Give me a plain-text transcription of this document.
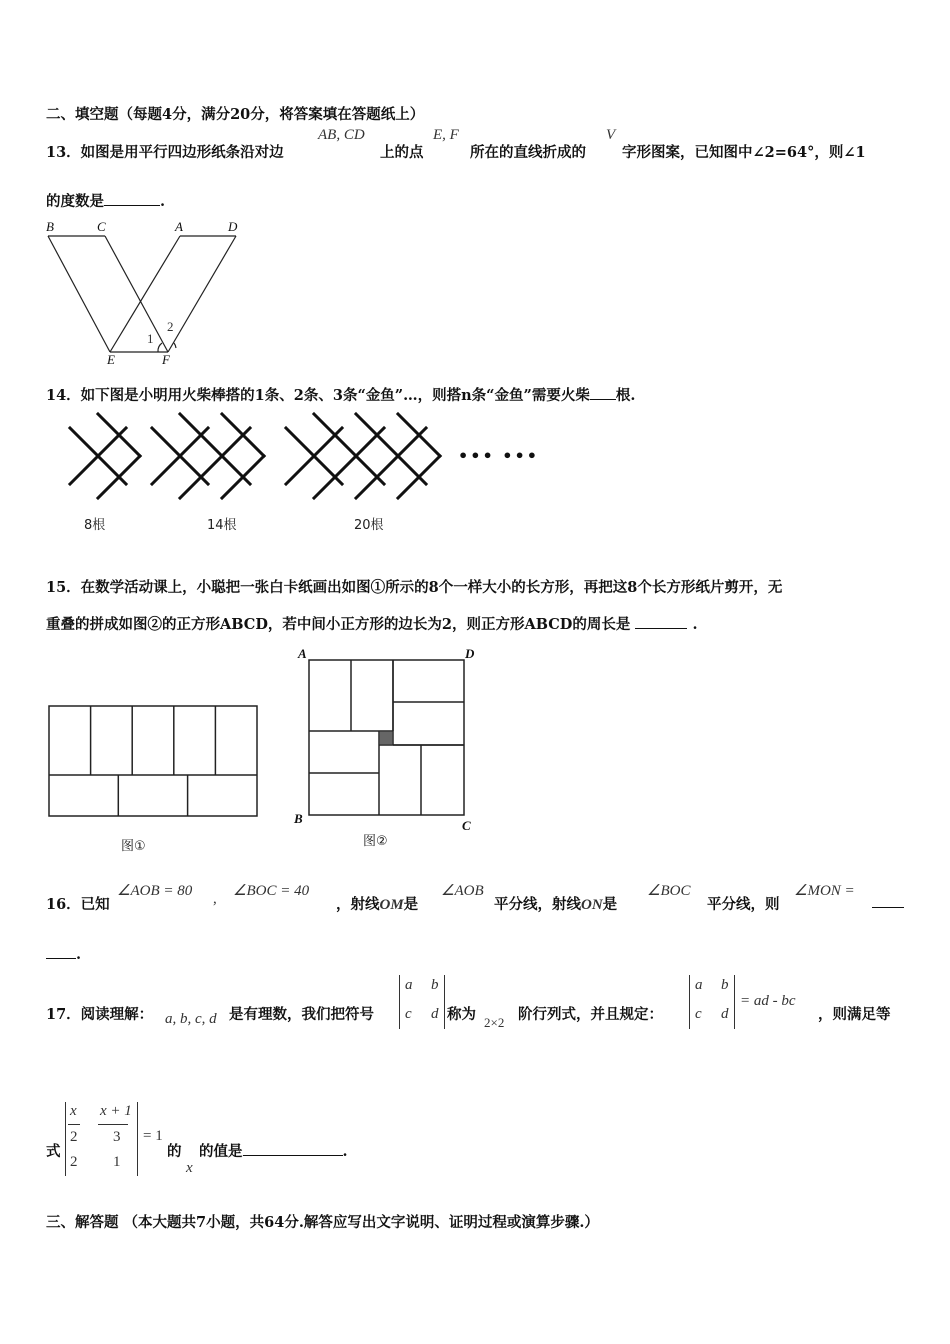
二、填空题（每题4分，满分20分，将答案填在答题纸上）
13．如图是用平行四边形纸条沿对边
AB, CD
上的点
E, F
所在的直线折成的
V
字形图案，已知图中∠2=64°，则∠1
的度数是	.
B	C	A	D
E	F
1
2
14．如下图是小明用火柴棒搭的1条、2条、3条“金鱼”…，则搭n条“金鱼”需要火柴 根.
••• •••
8根	14根	20根
15．在数学活动课上，小聪把一张白卡纸画出如图①所示的8个一样大小的长方形，再把这8个长方形纸片剪开，无
重叠的拼成如图②的正方形ABCD，若中间小正方形的边长为2，则正方形ABCD的周长是	.
图①
A	D
B	C
图②
16．已知
∠AOB = 80 , ∠BOC = 40
，射线OM是
∠AOB
平分线，射线ON是
∠BOC
平分线，则
∠MON =
.
17．阅读理解： a, b, c, d 是有理数，我们把符号
a b
c d 称为 2×2 阶行列式，并且规定：
a b
c d
= ad - bc
，则满足等
式
x x + 1
2 3
2 1
= 1
的
x
的值是	.
三、解答题 （本大题共7小题，共64分.解答应写出文字说明、证明过程或演算步骤.）
